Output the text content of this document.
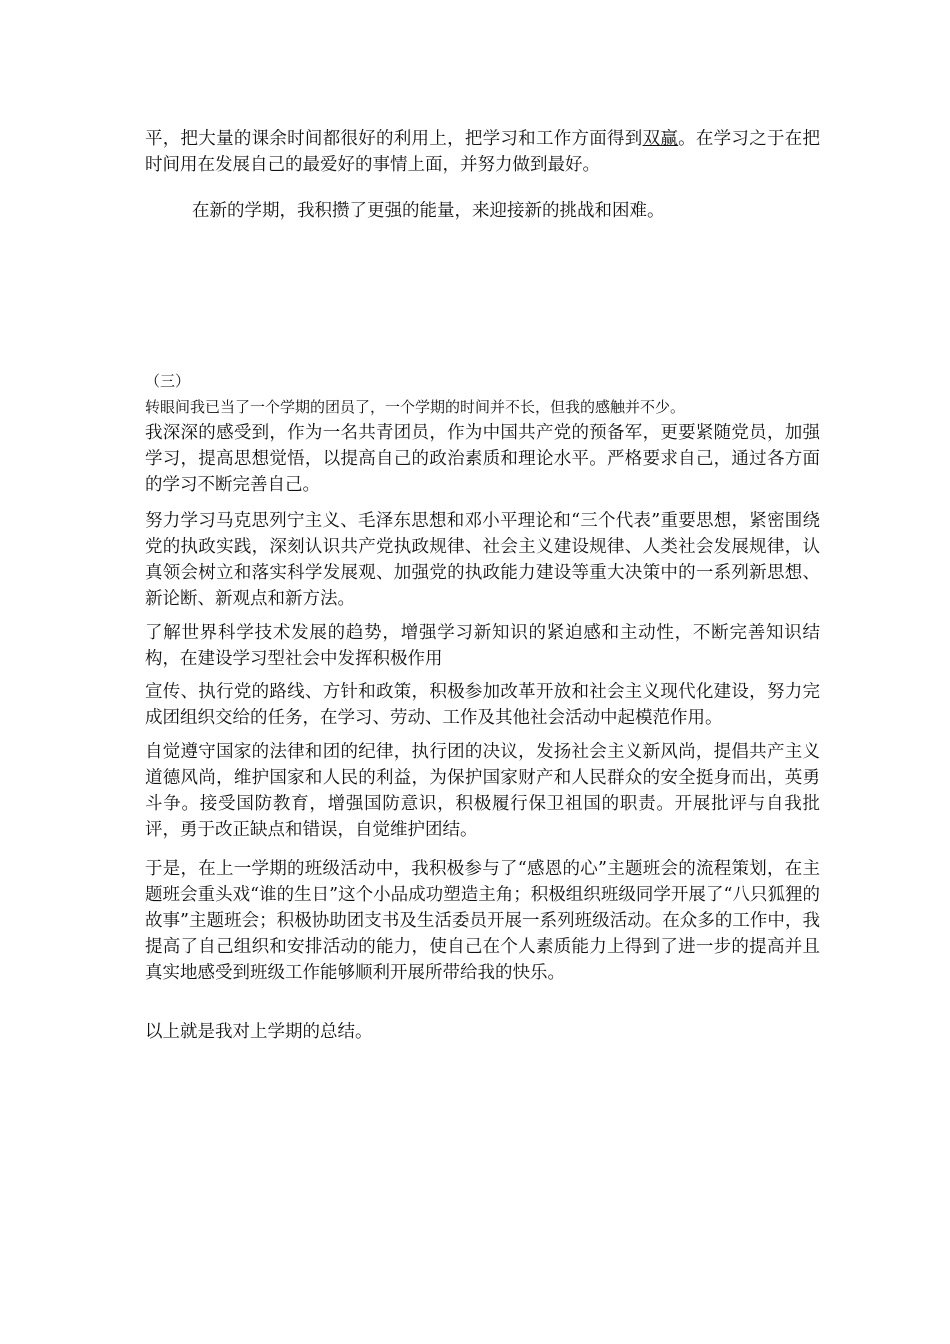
平，把大量的课余时间都很好的利用上，把学习和工作方面得到双赢。在学习之于在把时间用在发展自己的最爱好的事情上面，并努力做到最好。

在新的学期，我积攒了更强的能量，来迎接新的挑战和困难。

（三）

转眼间我已当了一个学期的团员了，一个学期的时间并不长，但我的感触并不少。

我深深的感受到，作为一名共青团员，作为中国共产党的预备军，更要紧随党员，加强学习，提高思想觉悟，以提高自己的政治素质和理论水平。严格要求自己，通过各方面的学习不断完善自己。

努力学习马克思列宁主义、毛泽东思想和邓小平理论和“三个代表”重要思想，紧密围绕党的执政实践，深刻认识共产党执政规律、社会主义建设规律、人类社会发展规律，认真领会树立和落实科学发展观、加强党的执政能力建设等重大决策中的一系列新思想、新论断、新观点和新方法。

了解世界科学技术发展的趋势，增强学习新知识的紧迫感和主动性，不断完善知识结构，在建设学习型社会中发挥积极作用

宣传、执行党的路线、方针和政策，积极参加改革开放和社会主义现代化建设，努力完成团组织交给的任务，在学习、劳动、工作及其他社会活动中起模范作用。

自觉遵守国家的法律和团的纪律，执行团的决议，发扬社会主义新风尚，提倡共产主义道德风尚，维护国家和人民的利益，为保护国家财产和人民群众的安全挺身而出，英勇斗争。接受国防教育，增强国防意识，积极履行保卫祖国的职责。开展批评与自我批评，勇于改正缺点和错误，自觉维护团结。

于是，在上一学期的班级活动中，我积极参与了“感恩的心”主题班会的流程策划，在主题班会重头戏“谁的生日”这个小品成功塑造主角；积极组织班级同学开展了“八只狐狸的故事”主题班会；积极协助团支书及生活委员开展一系列班级活动。在众多的工作中，我提高了自己组织和安排活动的能力，使自己在个人素质能力上得到了进一步的提高并且真实地感受到班级工作能够顺利开展所带给我的快乐。

以上就是我对上学期的总结。
